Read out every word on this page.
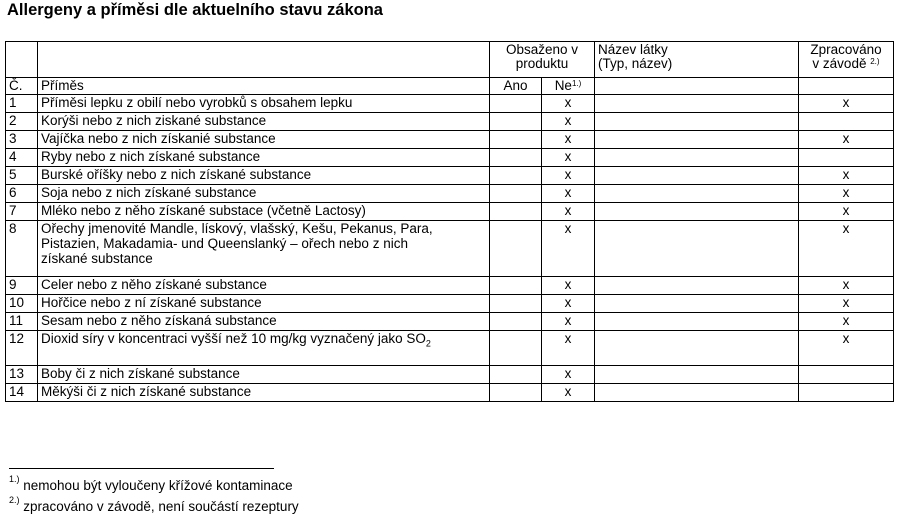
Allergeny a příměsi dle aktuelního stavu zákona
		Obsaženo v
produktu		Název látky
(Typ, název)	Zpracováno
v závodě $^{2.)}$
Č.	Příměs	Ano	$Ne^{1.)}$		
1	Příměsi lepku z obilí nebo vyrobků s obsahem lepku		x		x
2	Korýši nebo z nich ziskané substance		x		
3	Vajíčka nebo z nich získanié substance		x		x
4	Ryby nebo z nich získané substance		x		
5	Burské oříšky nebo z nich získané substance		x		x
6	Soja nebo z nich získané substance		x		x
7	Mléko nebo z něho získané substace (včetně Lactosy)		x		x
8	Ořechy jmenovité Mandle, lískový, vlašský, Kešu, Pekanus, Para,
Pistazien, Makadamia- und Queenslanký – ořech nebo z nich
získané substance		x		x
9	Celer nebo z něho získané substance		x		x
10	Hořčice nebo z ní získané substance		x		x
11	Sesam nebo z něho získaná substance		x		x
12	Dioxid síry v koncentraci vyšší než 10 mg/kg vyznačený jako $SO_2$		x		x
13	Boby či z nich získané substance		x		
14	Měkýši či z nich získané substance		x		
$^{1.)}$ nemohou být vyloučeny křížové kontaminace
$^{2.)}$ zpracováno v závodě, není součástí rezeptury
